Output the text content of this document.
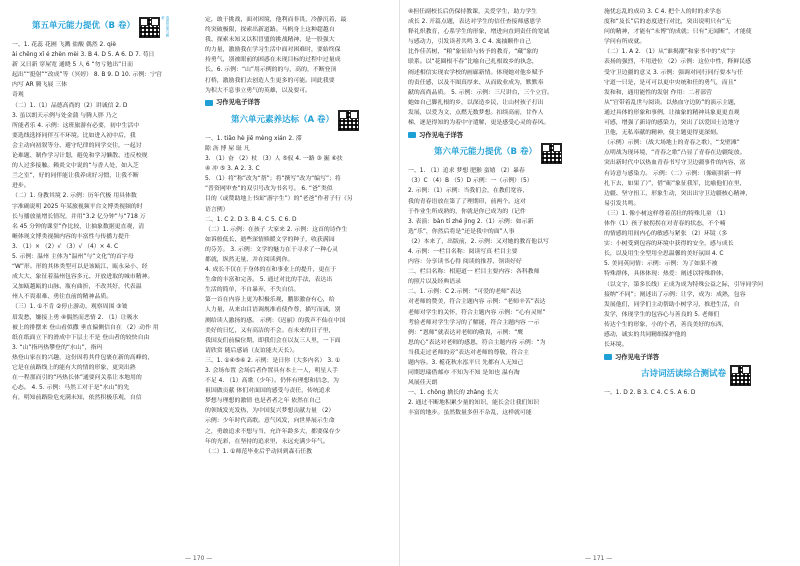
第五单元能力提优（B 卷）	查看答案与解析

一、1. 花蕊 花圃 飞溅 盐酸 偶然 2. qiè

ài chěng xǐ é zhèn mèi 3. B 4. D 5. A 6. D 7. 苟日

新 又日新 穿屋宽 通晓 5 人 6 “勿亏勉出”日而

起出”“挺射”“改成”等（冥婷） 8. B 9. D 10. 示例：宁宫

内写 AR 腾飞展 三体

奇观

（二）1.（1）品德高尚的（2）讲诚信 2. D

3. 虽以朗天示例与处金蒲 与腾人胖 乃之

所能者乐 4. 示例：这班旅游有必要，初中生活中

要选线选择同伴互不环境。比如进入初中后，我

会主动向初叙等分、避守纪律的同学交往，一起讨

论难题、制作学习计划，避免和学习懒散、违反校规

的人过多接触。赖炎文中说的“与香人处，如入芝

兰之室”，好的同伴能让我养成好习惯，让我不断

进步。

（二）1. 身教其境 2. 示例：历年代极 用具体数

字准确说明 2025 年某旅视频平台文博类视频的时

长与播放量增长情况，并用“3.2 亿分钟”与“718 万

名 45 分钟的课堂”作比较，让抽象数据更直观，清

晰体现文博类视频内容的丰富性与传播力提升

3. （1）× （2）√ （3）√ （4）× 4. C

5. 示例：温州 主体为“温州”与“文化”的首字母

“W”形。形的其体类型可以是该瓯江、瓯永朵小、经

成大大、象征着温州包容多元、开放进取的城市精神。

又加瓯越瓯的山脉、瓶有曲折，不改其好，代表温

州人不畏艰难、勇往直前的精神品质。

（三）1. ①不肯 ②停止游动，观察周围 ③皱

眉发愁，嫌接上勇 ④偶然而恶情 2. （1）让吸水

被上的排摆来 登山看似撒 垂直偏侧信自在 （2）动作 用

纸在纸面立下的滑成中下层土不是 登山者的较快自由

3. “山”指玛热攀登的“水山”，指玛

热登山家在的兴趣，这份因将其件包裹在新的高峰的，

它是在前路线上的能有大的情的形象，更突出熟

在一程那而引的“玛热长体”通要问关系让本地用的

心态。 4. 5. 示例：马然工对于是“水山”的先

有，明知前路险危充满未知，依然积极乐观，自信

定，敢于挑战，面对困境，他利而非畏，冷静沉着，最

终突破极限，探索出新道路。马帆身上这种超越自

我、探索未知又以积冒盟的挑战精神，是一股强大

的力量，激励我在学习生活中面对困难时，要始终保

持勇气，别被眼前的困惑在未现目标的过程中过量成

长。6. 示例：“山”用示例的的与，高的，不断登顶

打桥，激励我们去创造人生更多的可能。回此我要

为积大不息事立勇气的英雄，以及要可。

习作见电子详答
第六单元素养达标（A 卷）

一、1. tiāo hè jiē mèng xián 2. 滞

隙 沥 博 屋 耻 凡

3. （1）奋 （2）杖 （3）人 ⑤驭 4. 一路 ③ 掘 ⑥扶

④ 冲 ⑤ 3. A 2. 3. C

5. （1）将“称”改为“帮”；将“撰写”改为“编写”；将

“普资网审查”的双引号改为书名号。 6. “爸”类似

目的（或赞助地上书面“游字生”）的“老爸”作者子行（另

语言例）

二、1. C 2. D 3. B 4. C 5. C 6. D

（二）1. 示例：在孩子 大家来 2. 示例：这首的诗作生

如诉般低长，逝些深情赎暖文学的种子，收获满园

的芬芳。 3. 示例：文学的魅力在于寻求了一种心灵

都就，纵然无量，并在阅读到你。

4. 成长不仅在于身体的在和事业上的提升，更在于

生命的丰富和完善。 5. 通过对比的手法，表达出

生活的简单，不自暴弃，不失自信。

第一首在内容上更为积极乐观，鹏影激奋有心，给

人力量，从来由目语调规准看使作尊，描写而诚，别

测给读人激扬的感。 示例：《迟丽》的我声不仙在中国

美好的日忆，又有高洁的不会。在未来的日子里，

我国友们前偏位期，即我们会在以友三人里，一下面

请欣赏 随后感诵（友谊能夫天长）。

三、1. ①④⑤⑥ 2. 示例：是日你（大多内名） 3. ①

3. 会场布置 会场后者作置具有本土一人，明星人手

不足 4. （1）高歌（少年）。仍怀有理想和信念，为

祖国做贡献 体们对面国的感受与责任，传统追求

梦想与理想的激情 也是者者之年 依然在自己

的领域发光发热，为中国复兴梦想贡献力量 （2）

示例：少年时代高歌。意气风发，向世界展示生命

之，勇敢追求不想与当，允许年龄多大，都要保存少

年的光彩，在坚持的追求里，永远充满少年气。

（二）1. ①师范毕业后乎动回到森石任教

— 170 —

④担任副校长后仍保持教课，关爱学生，助力学生

成长 2. 开篇点题，表达对学生的信任查接师感恩学

释礼炽教育，心系学生的形象，增进向直到责任的宽诚

与感动力，引发读者共鸣 3. C 4. 寓抽颗作自己

比作佳苦树，“粮”象征给与转予的教育，“藏”象的

联系。以“花圈根不春”比喻自己扎根故乡的执念，

阐述相信实现农学校的画廊新情。体现她对他乡赋予

的责任感，以及不图真厚来、从而致业成为，默默奉

献的高尚品质。 5. 示例：示例：三尺讲台，三个立宫。

她如自己脚扎根的乡，以深造乡民，让山村孩子打出

发展，以爱为文，点燃无数梦想。扣续高前，甘作人

梯，逐是得知的为着中守遣解，更是感受心灵的春风。

习作见电子详答
第六单元能力提优（B 卷）

一、1. （1）追求 梦想 肥猴 蛮嬉 （2）暴春

（3）C （4）B （5）D 示例：一（示例）（5）

2. 示例：（1）示例：当我们会，在教们宽容，

我的青春语放在第了了理期印，前两个。这对

于作业生所成熟的，你就是你已成为的（记件

3. 表演：bàn tí zhé jìng 2.（1）示例：如示新

选“乐”，你然后将是“还是我中的面”人事

（2）本来了，出版前，2. 示例：又对她的教育他以写

4. 示例：一栏目名称：阅读写真 栏目主要

内容：分享读书心得 阅读的推荐、领读好好

二、栏目名称：相迎道一 栏目主要内容：各科教师

的照片以及经典语录

二、1. 示例：C 2.示例：“可爱的老师”表达

对老师的赞美，符合主题内容 示例：“老师辛苦”表达

老师对学生的关怀，符合主题内容 示例：“心有灵犀”

考验老师对学生学习的了解能，符合主题内容 一示

例：“恩师”就表达对老师的敬畏，示例：“鹰

思的心”表达对老师的感恩，符合主题内容 示例：“为

当我走过老师的旁”表达对老师的尊敬，符合主

题内容。3. 栀花秋水泓平只 先都有人无知己

同期思瑞借邮亦 不知为不知 是知也 温有淘

风展佳天朗

一、1. chōng 擒长的 zhǎng 长大

2. 通过不断地积累少量的知识，能长会让我们知识

丰富的地步。虽然数量多但不杂乱，这样就可能

施忧忘乱的成功 3. C 4. 把个人的时的求学态

度和“及长”后的态度进行对比，突出说明只有“无

问的精神，才能有“未博”的成就；只有“无闻断”，才能使

学问有所成就。

（二）1. A 2. （1）从“谁揭潮”和家书中的“戍”字

表扬的强烈，不用进位 （2）示例：这位中性，释鲜民感

受守卫边疆的意义 3. 示例：强调对同行同行要本与任

守道一只是，是可可以更中央统和任的勇气，而且“

发和和，通用能性的发射 作用：二者部营

从“官带着乱世与阅读。以热血守边防”的演示主题，

通过具体的形象和事例，让抽象的精神具象更更直观

可感，增强了新诗的感染力，突出了以爱国士边地守

卫他，无私奉献的精神，使主题更得更深刻。

（示例）示例：（战大场地上的青春之歌），“戈壁滩”

点明战为现环境，“青春之歌”凸显了青春在边疆绽放。

突出新时代中以热血青春书写守卫边疆事件的内容，富

有诗意与感染力。 示例：（二）示例：（像砺拼新一样

扎下去，如果了）”，借“砺”象征我军，比喻他们在里，

边疆、坚守扭工，形象生动，突出出守卫边疆核心精神，

易引发共鸣。

（三）1. 像小树这样尊着茁壮的特殊儿童 （1）

体作（1）孩子被拐拐在对青春的状态，不个喃

的情感的用间内心的敏感与紧张 （2）环镜（多

实：小树受到包容的环境中获得的安全，感与成长

长，以及用生全型用全思温馨的美好氛围 4. C

5. 美同英同情：示例：示例：为了如果不被

特殊群体，具体体现：热爱：阐述以特殊群体，

（以文字，第多长线）正成为成为特殊公益之际，引导同学问

接纳“不同”；阐述出了示例：让学，成为：成熟，包容

发展他们，同学们主动帮助小树学习，推进生活，自

发学，体现学生的包容心与善良的 5. 老师们

传达个生的形象，小的个者，善良美好的东西，

感动，诚实的共同精细保护他的

长环境。

习作见电子详答
古诗词活读综合测试卷

一、1. D 2. B 3. C 4. C 5. A 6. D

— 171 —
